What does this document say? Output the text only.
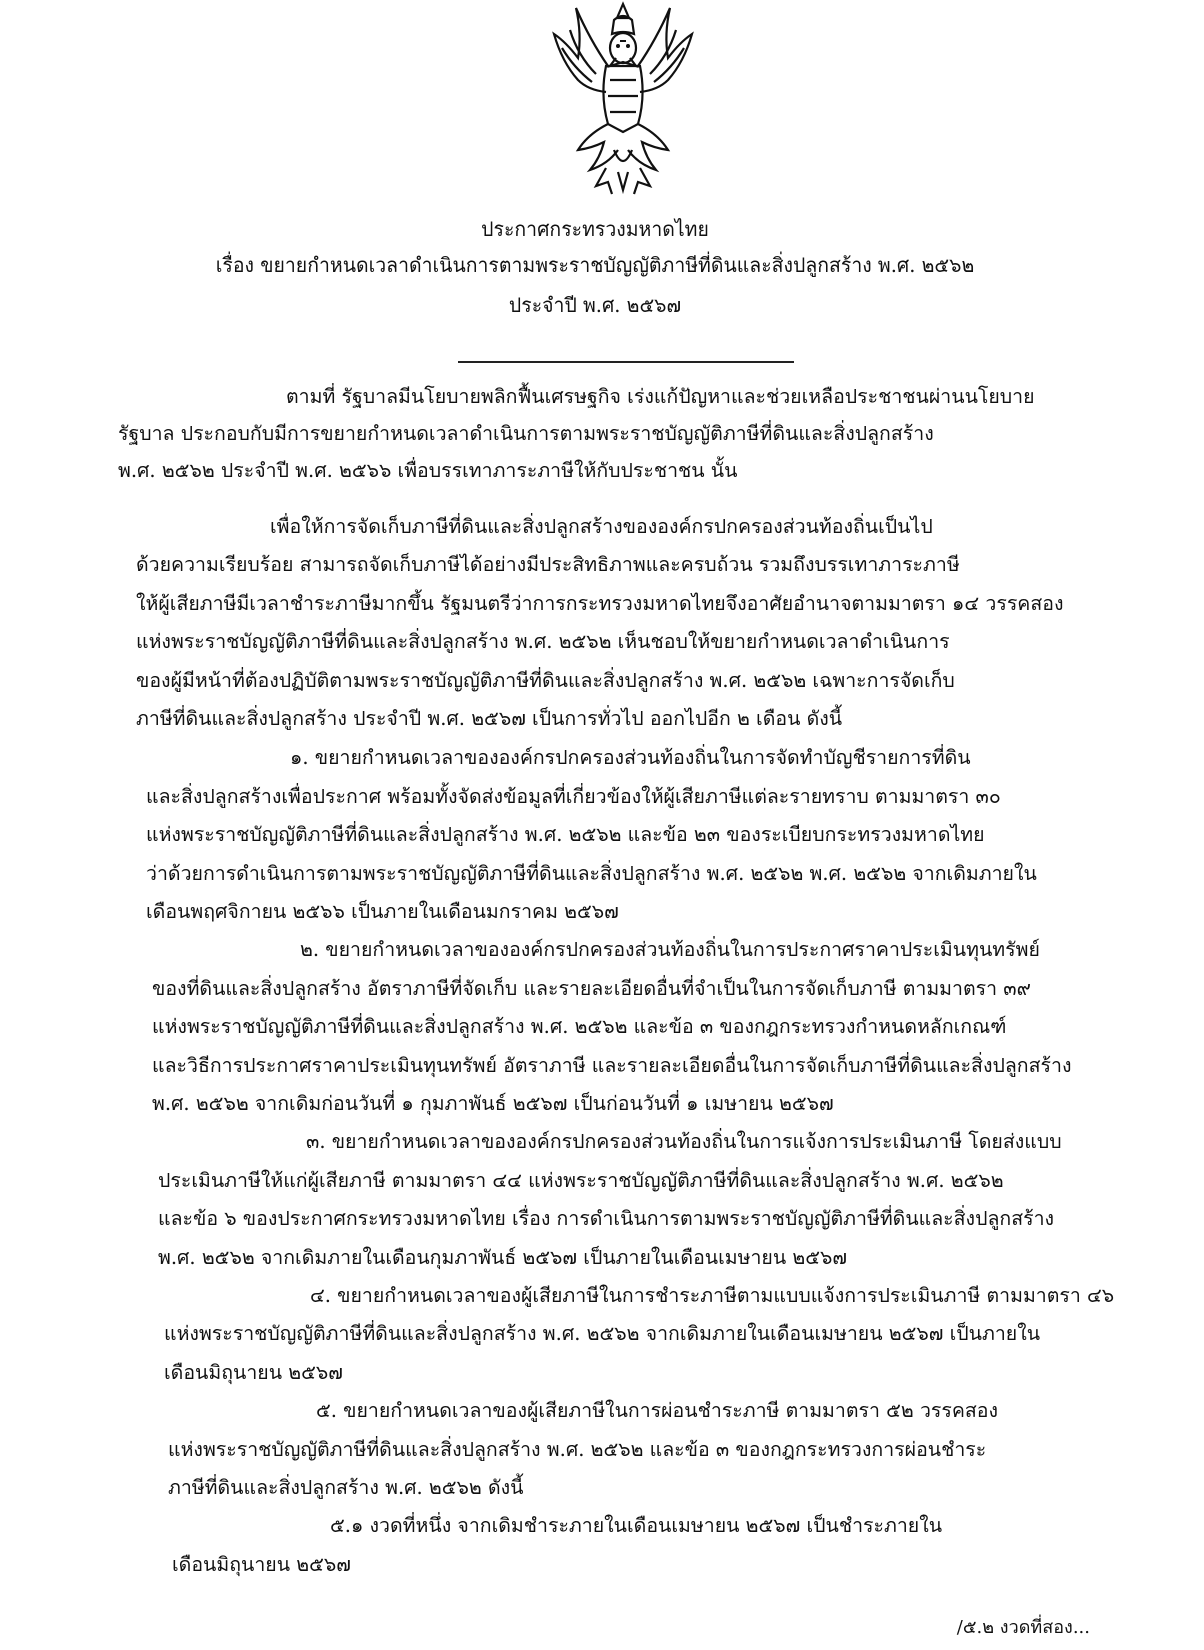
ประกาศกระทรวงมหาดไทย
เรื่อง ขยายกำหนดเวลาดำเนินการตามพระราชบัญญัติภาษีที่ดินและสิ่งปลูกสร้าง พ.ศ. ๒๕๖๒
ประจำปี พ.ศ. ๒๕๖๗
ตามที่ รัฐบาลมีนโยบายพลิกฟื้นเศรษฐกิจ เร่งแก้ปัญหาและช่วยเหลือประชาชนผ่านนโยบาย
รัฐบาล ประกอบกับมีการขยายกำหนดเวลาดำเนินการตามพระราชบัญญัติภาษีที่ดินและสิ่งปลูกสร้าง
พ.ศ. ๒๕๖๒ ประจำปี พ.ศ. ๒๕๖๖ เพื่อบรรเทาภาระภาษีให้กับประชาชน นั้น
เพื่อให้การจัดเก็บภาษีที่ดินและสิ่งปลูกสร้างขององค์กรปกครองส่วนท้องถิ่นเป็นไป
ด้วยความเรียบร้อย สามารถจัดเก็บภาษีได้อย่างมีประสิทธิภาพและครบถ้วน รวมถึงบรรเทาภาระภาษี
ให้ผู้เสียภาษีมีเวลาชำระภาษีมากขึ้น รัฐมนตรีว่าการกระทรวงมหาดไทยจึงอาศัยอำนาจตามมาตรา ๑๔ วรรคสอง
แห่งพระราชบัญญัติภาษีที่ดินและสิ่งปลูกสร้าง พ.ศ. ๒๕๖๒ เห็นชอบให้ขยายกำหนดเวลาดำเนินการ
ของผู้มีหน้าที่ต้องปฏิบัติตามพระราชบัญญัติภาษีที่ดินและสิ่งปลูกสร้าง พ.ศ. ๒๕๖๒ เฉพาะการจัดเก็บ
ภาษีที่ดินและสิ่งปลูกสร้าง ประจำปี พ.ศ. ๒๕๖๗ เป็นการทั่วไป ออกไปอีก ๒ เดือน ดังนี้
๑. ขยายกำหนดเวลาขององค์กรปกครองส่วนท้องถิ่นในการจัดทำบัญชีรายการที่ดิน
และสิ่งปลูกสร้างเพื่อประกาศ พร้อมทั้งจัดส่งข้อมูลที่เกี่ยวข้องให้ผู้เสียภาษีแต่ละรายทราบ ตามมาตรา ๓๐
แห่งพระราชบัญญัติภาษีที่ดินและสิ่งปลูกสร้าง พ.ศ. ๒๕๖๒ และข้อ ๒๓ ของระเบียบกระทรวงมหาดไทย
ว่าด้วยการดำเนินการตามพระราชบัญญัติภาษีที่ดินและสิ่งปลูกสร้าง พ.ศ. ๒๕๖๒ พ.ศ. ๒๕๖๒ จากเดิมภายใน
เดือนพฤศจิกายน ๒๕๖๖ เป็นภายในเดือนมกราคม ๒๕๖๗
๒. ขยายกำหนดเวลาขององค์กรปกครองส่วนท้องถิ่นในการประกาศราคาประเมินทุนทรัพย์
ของที่ดินและสิ่งปลูกสร้าง อัตราภาษีที่จัดเก็บ และรายละเอียดอื่นที่จำเป็นในการจัดเก็บภาษี ตามมาตรา ๓๙
แห่งพระราชบัญญัติภาษีที่ดินและสิ่งปลูกสร้าง พ.ศ. ๒๕๖๒ และข้อ ๓ ของกฎกระทรวงกำหนดหลักเกณฑ์
และวิธีการประกาศราคาประเมินทุนทรัพย์ อัตราภาษี และรายละเอียดอื่นในการจัดเก็บภาษีที่ดินและสิ่งปลูกสร้าง
พ.ศ. ๒๕๖๒ จากเดิมก่อนวันที่ ๑ กุมภาพันธ์ ๒๕๖๗ เป็นก่อนวันที่ ๑ เมษายน ๒๕๖๗
๓. ขยายกำหนดเวลาขององค์กรปกครองส่วนท้องถิ่นในการแจ้งการประเมินภาษี โดยส่งแบบ
ประเมินภาษีให้แก่ผู้เสียภาษี ตามมาตรา ๔๔ แห่งพระราชบัญญัติภาษีที่ดินและสิ่งปลูกสร้าง พ.ศ. ๒๕๖๒
และข้อ ๖ ของประกาศกระทรวงมหาดไทย เรื่อง การดำเนินการตามพระราชบัญญัติภาษีที่ดินและสิ่งปลูกสร้าง
พ.ศ. ๒๕๖๒ จากเดิมภายในเดือนกุมภาพันธ์ ๒๕๖๗ เป็นภายในเดือนเมษายน ๒๕๖๗
๔. ขยายกำหนดเวลาของผู้เสียภาษีในการชำระภาษีตามแบบแจ้งการประเมินภาษี ตามมาตรา ๔๖
แห่งพระราชบัญญัติภาษีที่ดินและสิ่งปลูกสร้าง พ.ศ. ๒๕๖๒ จากเดิมภายในเดือนเมษายน ๒๕๖๗ เป็นภายใน
เดือนมิถุนายน ๒๕๖๗
๕. ขยายกำหนดเวลาของผู้เสียภาษีในการผ่อนชำระภาษี ตามมาตรา ๕๒ วรรคสอง
แห่งพระราชบัญญัติภาษีที่ดินและสิ่งปลูกสร้าง พ.ศ. ๒๕๖๒ และข้อ ๓ ของกฎกระทรวงการผ่อนชำระ
ภาษีที่ดินและสิ่งปลูกสร้าง พ.ศ. ๒๕๖๒ ดังนี้
๕.๑ งวดที่หนึ่ง จากเดิมชำระภายในเดือนเมษายน ๒๕๖๗ เป็นชำระภายใน
เดือนมิถุนายน ๒๕๖๗
/๕.๒ งวดที่สอง...
